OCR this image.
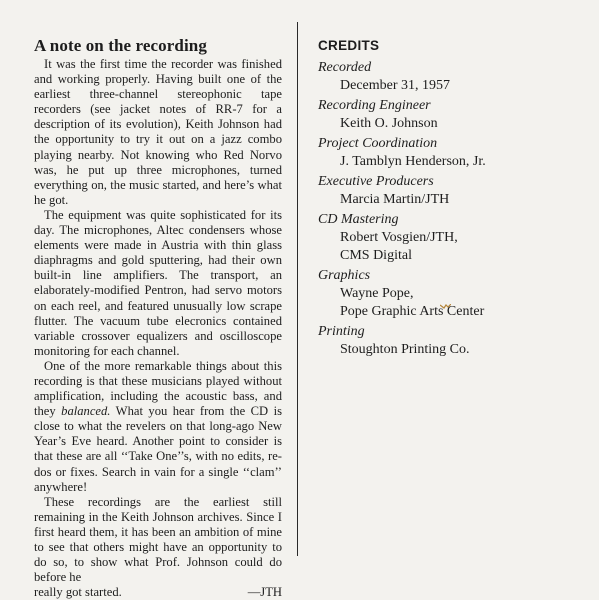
A note on the recording

It was the first time the recorder was finished and working properly. Having built one of the earliest three-channel stereophonic tape recorders (see jacket notes of RR-7 for a description of its evolution), Keith Johnson had the opportunity to try it out on a jazz combo playing nearby. Not knowing who Red Norvo was, he put up three microphones, turned everything on, the music started, and here’s what he got.

The equipment was quite sophisticated for its day. The microphones, Altec condensers whose elements were made in Austria with thin glass diaphragms and gold sputtering, had their own built-in line amplifiers. The transport, an elaborately-modified Pentron, had servo motors on each reel, and featured unusually low scrape flutter. The vacuum tube elecronics contained variable crossover equalizers and oscilloscope monitoring for each channel.

One of the more remarkable things about this recording is that these musicians played without amplification, including the acoustic bass, and they balanced. What you hear from the CD is close to what the revelers on that long-ago New Year’s Eve heard. Another point to consider is that these are all ‘‘Take One’’s, with no edits, re-dos or fixes. Search in vain for a single ‘‘clam’’ anywhere!

These recordings are the earliest still remaining in the Keith Johnson archives. Since I first heard them, it has been an ambition of mine to see that others might have an opportunity to do so, to show what Prof. Johnson could do before he

really got started.	—JTH
CREDITS
Recorded
December 31, 1957
Recording Engineer
Keith O. Johnson
Project Coordination
J. Tamblyn Henderson, Jr.
Executive Producers
Marcia Martin/JTH
CD Mastering
Robert Vosgien/JTH,
CMS Digital
Graphics
Wayne Pope,
Pope Graphic Arts Center
Printing
Stoughton Printing Co.
